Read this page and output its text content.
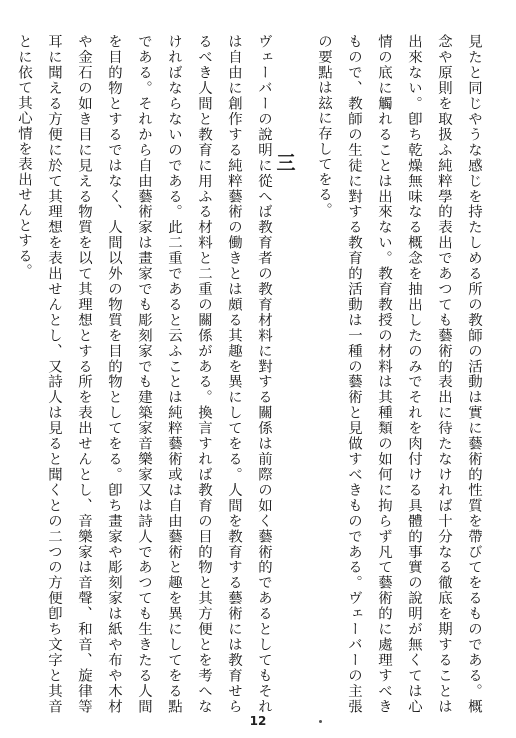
見たと同じやうな感じを持たしめる所の教師の活動は實に藝術的性質を帶びてをるものである。概念や原則を取扱ふ純粹學的表出であつても藝術的表出に待たなければ十分なる徹底を期することは出來ない。卽ち乾燥無味なる概念を抽出したのみでそれを肉付ける具體的事實の說明が無くては心情の底に觸れることは出來ない。教育教授の材料は其種類の如何に拘らず凡て藝術的に處理すべきもので、教師の生徒に對する教育的活動は一種の藝術と見做すべきものである。ヴェーバーの主張の要點は玆に存してをる。
三
ヴェーバーの說明に從へば教育者の教育材料に對する關係は前際の如く藝術的であるとしてもそれは自由に創作する純粹藝術の働きとは頗る其趣を異にしてをる。人間を教育する藝術には教育せらるべき人間と教育に用ふる材料と二重の關係がある。換言すれば教育の目的物と其方便とを考へなければならないのである。此二重であると云ふことは純粹藝術或は自由藝術と趣を異にしてをる點である。それから自由藝術家は畫家でも彫刻家でも建築家音樂家又は詩人であつても生きたる人間を目的物とするではなく、人間以外の物質を目的物としてをる。卽ち畫家や彫刻家は紙や布や木材や金石の如き目に見える物質を以て其理想とする所を表出せんとし、音樂家は音聲、和音、旋律等耳に聞える方便に於て其理想を表出せんとし、又詩人は見ると聞くとの二つの方便卽ち文字と其音とに依て其心情を表出せんとする。
12
